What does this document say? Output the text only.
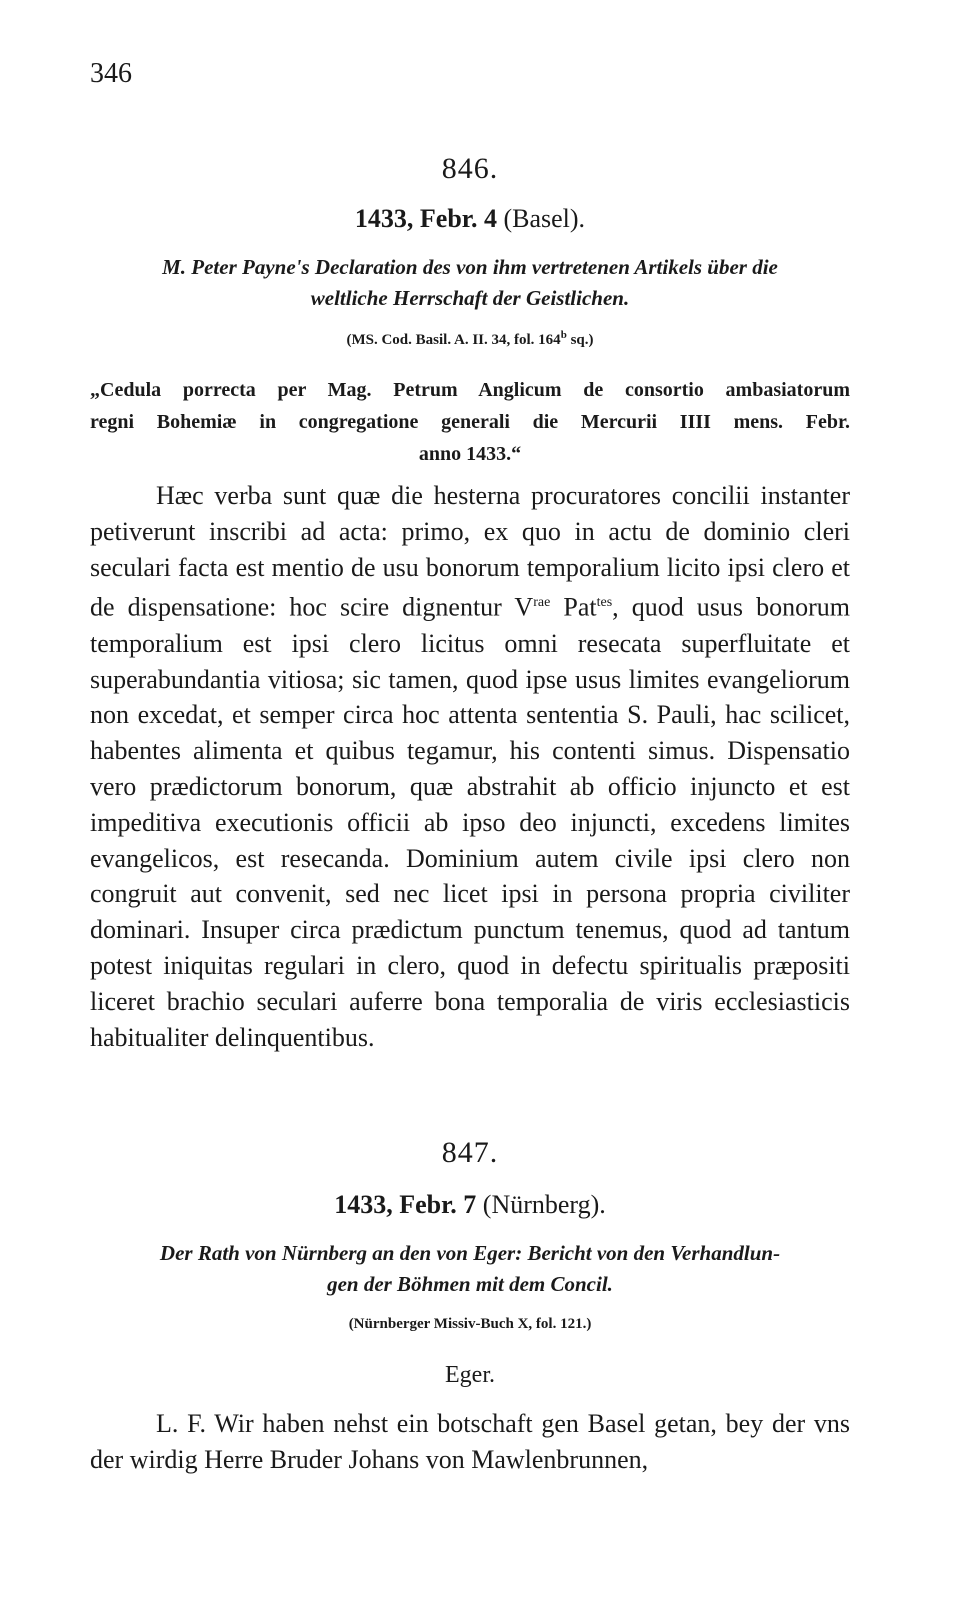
346
846.
1433, Febr. 4 (Basel).
M. Peter Payne's Declaration des von ihm vertretenen Artikels über die
weltliche Herrschaft der Geistlichen.
(MS. Cod. Basil. A. II. 34, fol. 164$^b$ sq.)
„Cedula porrecta per Mag. Petrum Anglicum de consortio ambasiatorum
regni Bohemiæ in congregatione generali die Mercurii IIII mens. Febr.
anno 1433.“

Hæc verba sunt quæ die hesterna procuratores concilii instanter petiverunt inscribi ad acta: primo, ex quo in actu de dominio cleri seculari facta est mentio de usu bonorum temporalium licito ipsi clero et de dispensatione: hoc scire dignentur $V^{rae}$ Pat$^{tes}$, quod usus bonorum temporalium est ipsi clero licitus omni resecata superfluitate et superabundantia vitiosa; sic tamen, quod ipse usus limites evangeliorum non excedat, et semper circa hoc attenta sententia S. Pauli, hac scilicet, habentes alimenta et quibus tegamur, his contenti simus. Dispensatio vero prædictorum bonorum, quæ abstrahit ab officio injuncto et est impeditiva executionis officii ab ipso deo injuncti, excedens limites evangelicos, est resecanda. Dominium autem civile ipsi clero non congruit aut convenit, sed nec licet ipsi in persona propria civiliter dominari. Insuper circa prædictum punctum tenemus, quod ad tantum potest iniquitas regulari in clero, quod in defectu spiritualis præpositi liceret brachio seculari auferre bona temporalia de viris ecclesiasticis habitualiter delinquentibus.

847.
1433, Febr. 7 (Nürnberg).
Der Rath von Nürnberg an den von Eger: Bericht von den Verhandlun-
gen der Böhmen mit dem Concil.
(Nürnberger Missiv-Buch X, fol. 121.)
Eger.

L. F. Wir haben nehst ein botschaft gen Basel getan, bey der vns der wirdig Herre Bruder Johans von Mawlenbrunnen,
